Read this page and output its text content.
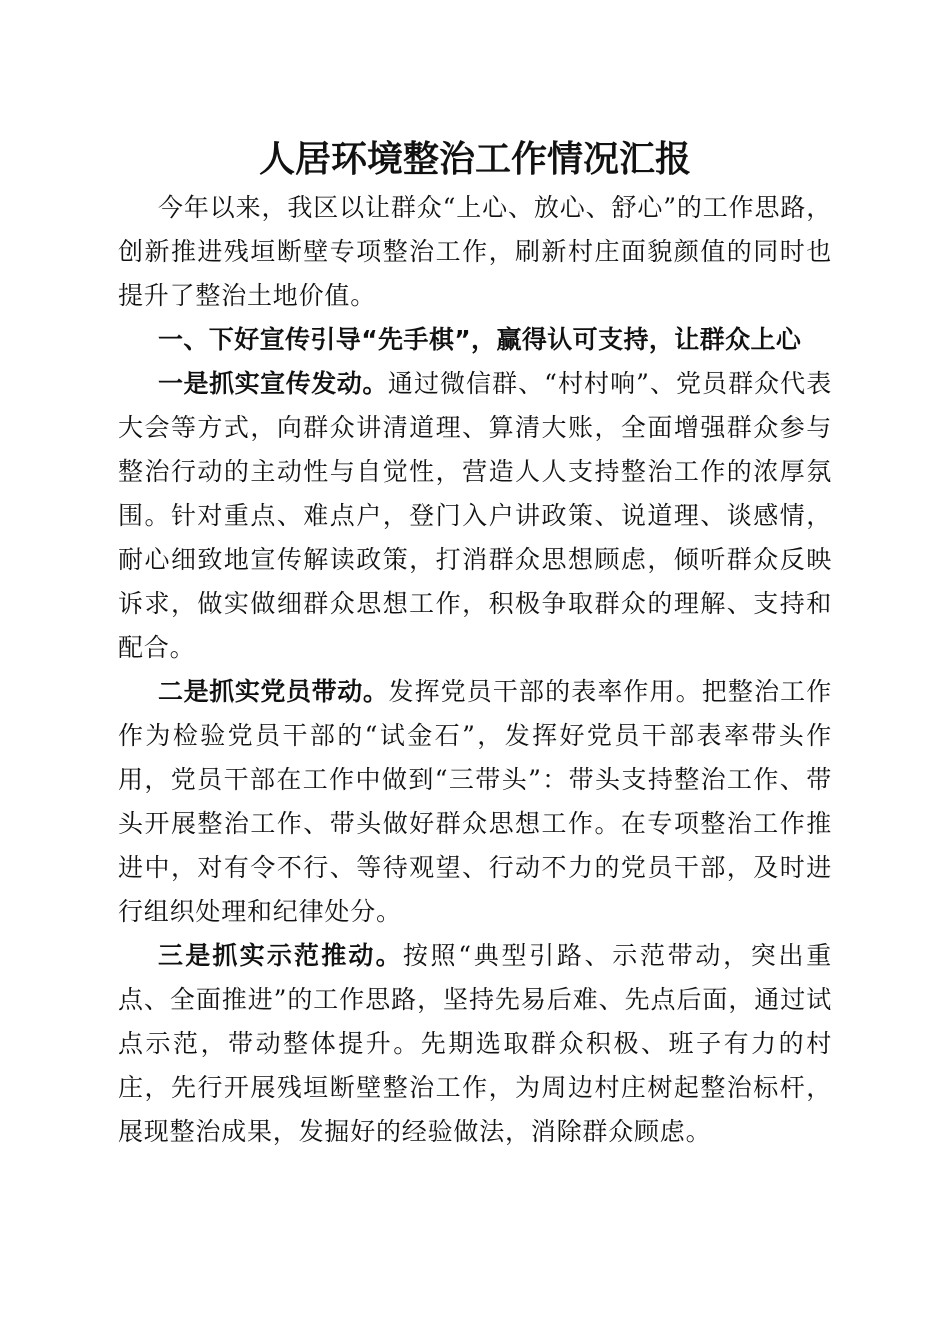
人居环境整治工作情况汇报

今年以来，我区以让群众“上心、放心、舒心”的工作思路，创新推进残垣断壁专项整治工作，刷新村庄面貌颜值的同时也提升了整治土地价值。

一、下好宣传引导“先手棋”，赢得认可支持，让群众上心

一是抓实宣传发动。通过微信群、“村村响”、党员群众代表大会等方式，向群众讲清道理、算清大账，全面增强群众参与整治行动的主动性与自觉性，营造人人支持整治工作的浓厚氛围。针对重点、难点户，登门入户讲政策、说道理、谈感情，耐心细致地宣传解读政策，打消群众思想顾虑，倾听群众反映诉求，做实做细群众思想工作，积极争取群众的理解、支持和配合。

二是抓实党员带动。发挥党员干部的表率作用。把整治工作作为检验党员干部的“试金石”，发挥好党员干部表率带头作用，党员干部在工作中做到“三带头”：带头支持整治工作、带头开展整治工作、带头做好群众思想工作。在专项整治工作推进中，对有令不行、等待观望、行动不力的党员干部，及时进行组织处理和纪律处分。

三是抓实示范推动。按照“典型引路、示范带动，突出重点、全面推进”的工作思路，坚持先易后难、先点后面，通过试点示范，带动整体提升。先期选取群众积极、班子有力的村庄，先行开展残垣断壁整治工作，为周边村庄树起整治标杆，展现整治成果，发掘好的经验做法，消除群众顾虑。
